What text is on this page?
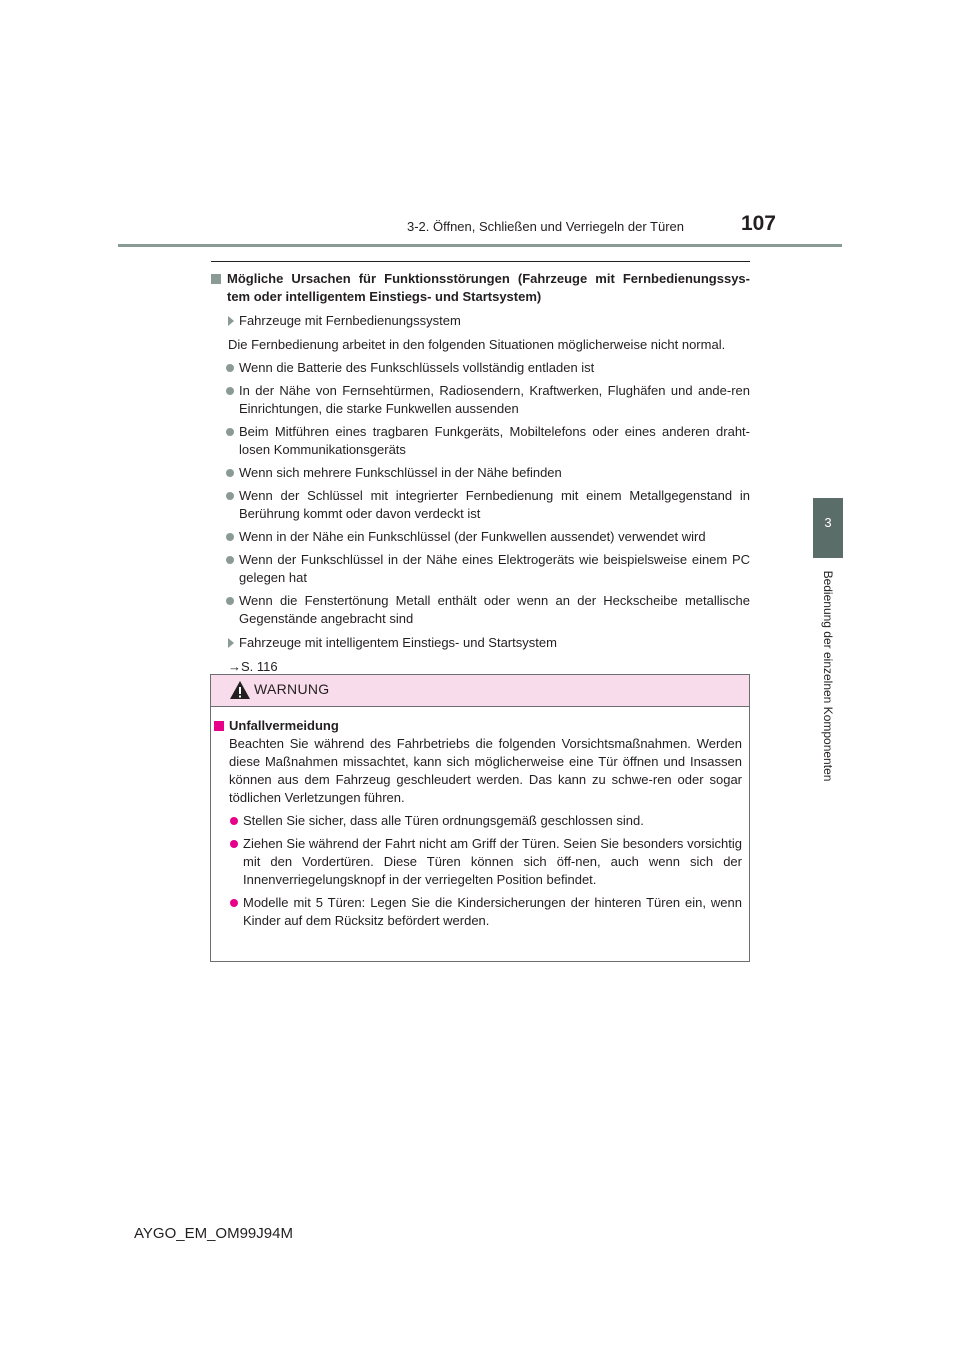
3-2. Öffnen, Schließen und Verriegeln der Türen	107
3
Bedienung der einzelnen Komponenten
Mögliche Ursachen für Funktionsstörungen (Fahrzeuge mit Fernbedienungssys-
tem oder intelligentem Einstiegs- und Startsystem)
Fahrzeuge mit Fernbedienungssystem
Die Fernbedienung arbeitet in den folgenden Situationen möglicherweise nicht normal.
Wenn die Batterie des Funkschlüssels vollständig entladen ist
In der Nähe von Fernsehtürmen, Radiosendern, Kraftwerken, Flughäfen und ande-ren Einrichtungen, die starke Funkwellen aussenden
Beim Mitführen eines tragbaren Funkgeräts, Mobiltelefons oder eines anderen draht-losen Kommunikationsgeräts
Wenn sich mehrere Funkschlüssel in der Nähe befinden
Wenn der Schlüssel mit integrierter Fernbedienung mit einem Metallgegenstand in Berührung kommt oder davon verdeckt ist
Wenn in der Nähe ein Funkschlüssel (der Funkwellen aussendet) verwendet wird
Wenn der Funkschlüssel in der Nähe eines Elektrogeräts wie beispielsweise einem PC gelegen hat
Wenn die Fenstertönung Metall enthält oder wenn an der Heckscheibe metallische Gegenstände angebracht sind
Fahrzeuge mit intelligentem Einstiegs- und Startsystem
→S. 116
WARNUNG
Unfallvermeidung
Beachten Sie während des Fahrbetriebs die folgenden Vorsichtsmaßnahmen. Werden diese Maßnahmen missachtet, kann sich möglicherweise eine Tür öffnen und Insassen können aus dem Fahrzeug geschleudert werden. Das kann zu schwe-ren oder sogar tödlichen Verletzungen führen.
Stellen Sie sicher, dass alle Türen ordnungsgemäß geschlossen sind.
Ziehen Sie während der Fahrt nicht am Griff der Türen. Seien Sie besonders vorsichtig mit den Vordertüren. Diese Türen können sich öff-nen, auch wenn sich der Innenverriegelungsknopf in der verriegelten Position befindet.
Modelle mit 5 Türen: Legen Sie die Kindersicherungen der hinteren Türen ein, wenn Kinder auf dem Rücksitz befördert werden.
AYGO_EM_OM99J94M
